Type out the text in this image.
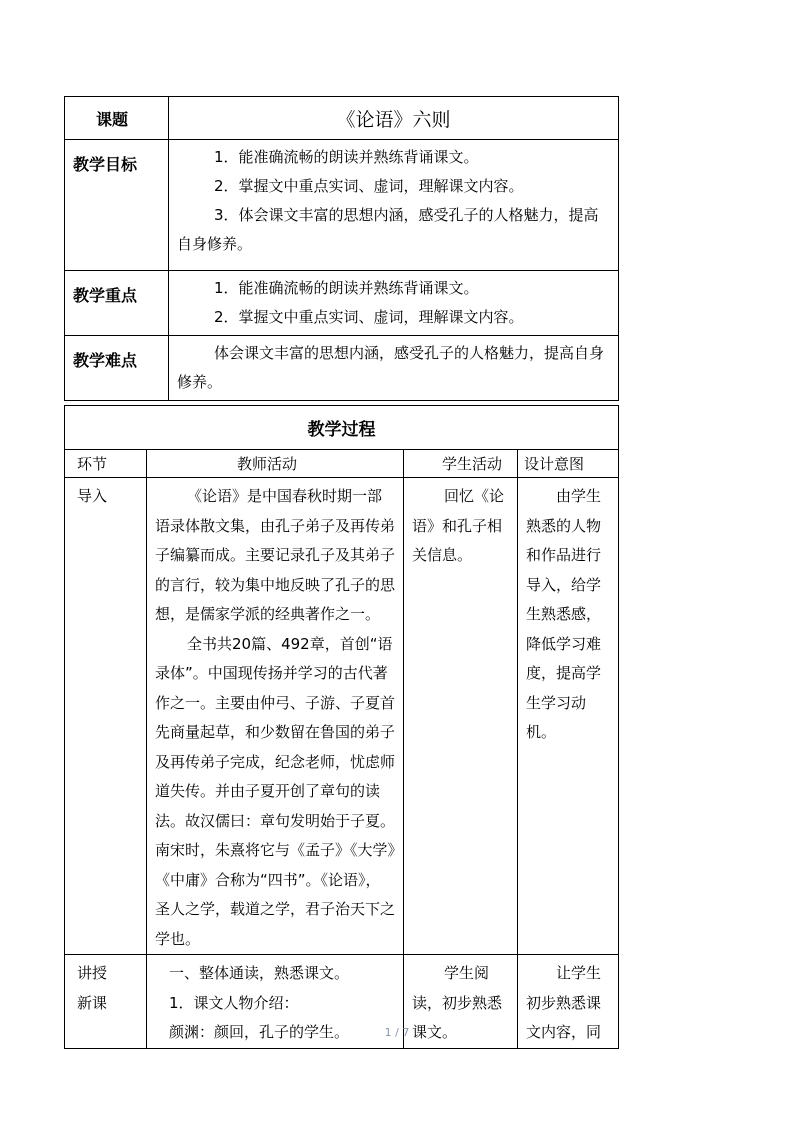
课题	《论语》六则
教学目标	1．能准确流畅的朗读并熟练背诵课文。
2．掌握文中重点实词、虚词，理解课文内容。
3．体会课文丰富的思想内涵，感受孔子的人格魅力，提高自身修养。

教学重点	1．能准确流畅的朗读并熟练背诵课文。
2．掌握文中重点实词、虚词，理解课文内容。

教学难点	体会课文丰富的思想内涵，感受孔子的人格魅力，提高自身修养。
教学过程			
环节	教师活动	学生活动	设计意图
导入	《论语》是中国春秋时期一部语录体散文集，由孔子弟子及再传弟子编纂而成。主要记录孔子及其弟子的言行，较为集中地反映了孔子的思想，是儒家学派的经典著作之一。
全书共20篇、492章，首创“语录体”。中国现传扬并学习的古代著作之一。主要由仲弓、子游、子夏首先商量起草，和少数留在鲁国的弟子及再传弟子完成，纪念老师，忧虑师道失传。并由子夏开创了章句的读法。故汉儒曰：章句发明始于子夏。南宋时，朱熹将它与《孟子》《大学》《中庸》合称为“四书”。《论语》，圣人之学，载道之学，君子治天下之学也。	回忆《论语》和孔子相关信息。	由学生熟悉的人物和作品进行导入，给学生熟悉感，降低学习难度，提高学生学习动机。

讲授新课	一、整体通读，熟悉课文。
1．课文人物介绍：
颜渊：颜回，孔子的学生。	学生阅读，初步熟悉课文。	让学生初步熟悉课文内容，同
1 / 7
